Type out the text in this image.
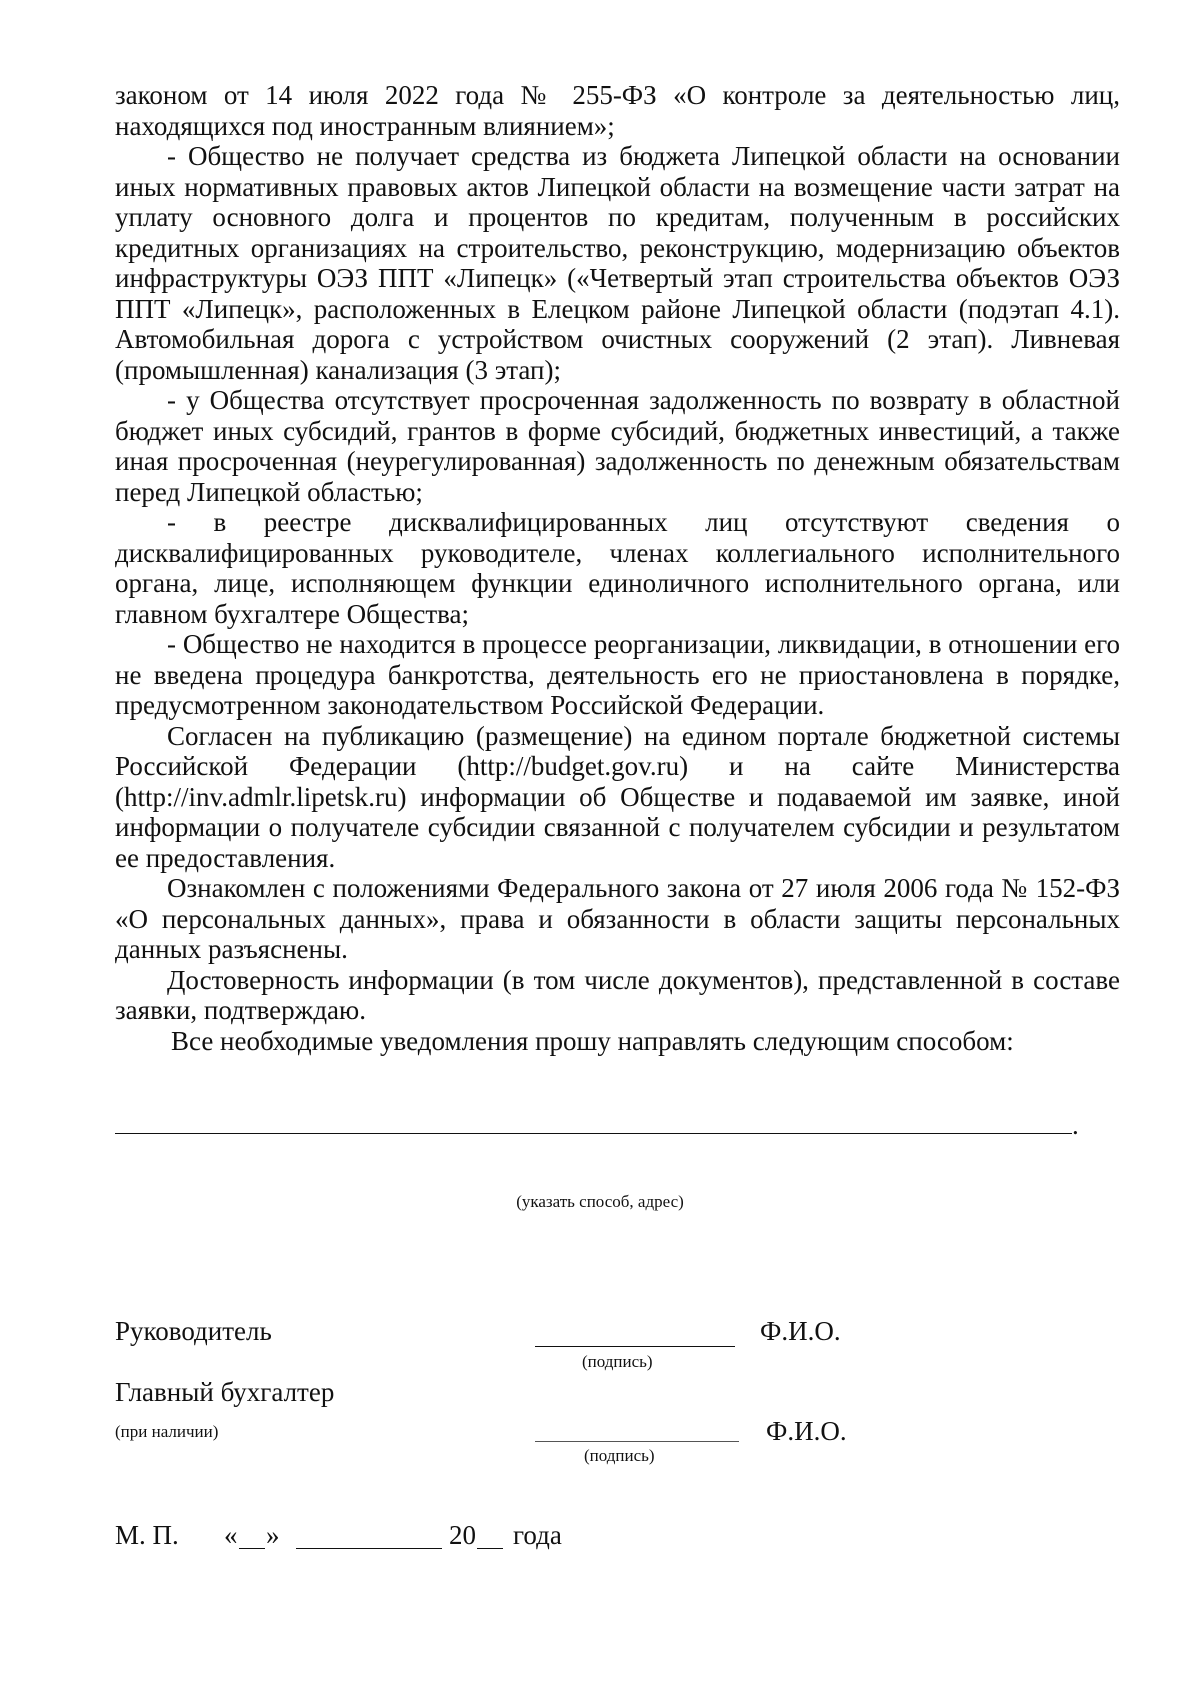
законом от 14 июля 2022 года № 255-ФЗ «О контроле за деятельностью лиц, находящихся под иностранным влиянием»;

- Общество не получает средства из бюджета Липецкой области на основании иных нормативных правовых актов Липецкой области на возмещение части затрат на уплату основного долга и процентов по кредитам, полученным в российских кредитных организациях на строительство, реконструкцию, модернизацию объектов инфраструктуры ОЭЗ ППТ «Липецк» («Четвертый этап строительства объектов ОЭЗ ППТ «Липецк», расположенных в Елецком районе Липецкой области (подэтап 4.1). Автомобильная дорога с устройством очистных сооружений (2 этап). Ливневая (промышленная) канализация (3 этап);

- у Общества отсутствует просроченная задолженность по возврату в областной бюджет иных субсидий, грантов в форме субсидий, бюджетных инвестиций, а также иная просроченная (неурегулированная) задолженность по денежным обязательствам перед Липецкой областью;

- в реестре дисквалифицированных лиц отсутствуют сведения о дисквалифицированных руководителе, членах коллегиального исполнительного органа, лице, исполняющем функции единоличного исполнительного органа, или главном бухгалтере Общества;

- Общество не находится в процессе реорганизации, ликвидации, в отношении его не введена процедура банкротства, деятельность его не приостановлена в порядке, предусмотренном законодательством Российской Федерации.

Согласен на публикацию (размещение) на едином портале бюджетной системы Российской Федерации (http://budget.gov.ru) и на сайте Министерства (http://inv.admlr.lipetsk.ru) информации об Обществе и подаваемой им заявке, иной информации о получателе субсидии связанной с получателем субсидии и результатом ее предоставления.

Ознакомлен с положениями Федерального закона от 27 июля 2006 года № 152-ФЗ «О персональных данных», права и обязанности в области защиты персональных данных разъяснены.

Достоверность информации (в том числе документов), представленной в составе заявки, подтверждаю.

Все необходимые уведомления прошу направлять следующим способом:

.
(указать способ, адрес)
Руководитель	Ф.И.О.
(подпись)
Главный бухгалтер
(при наличии)	Ф.И.О.
(подпись)
М. П. « »	20 года
